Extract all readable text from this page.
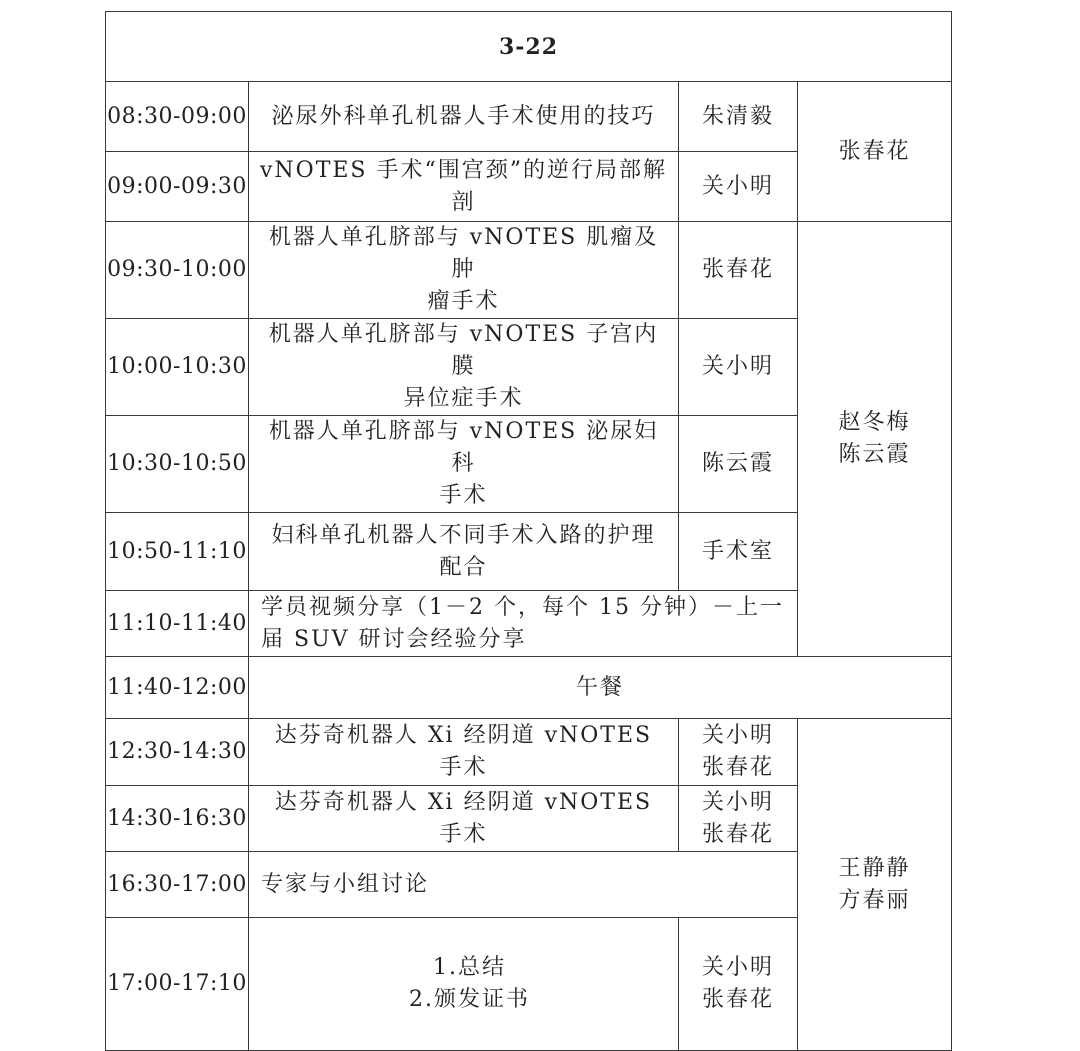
3-22			
08:30-09:00	泌尿外科单孔机器人手术使用的技巧	朱清毅	张春花

09:00-09:30	vNOTES 手术“围宫颈”的逆行局部解
剖	关小明	

09:30-10:00	机器人单孔脐部与 vNOTES 肌瘤及肿
瘤手术	张春花	赵冬梅
陈云霞

10:00-10:30	机器人单孔脐部与 vNOTES 子宫内膜
异位症手术	关小明	

10:30-10:50	机器人单孔脐部与 vNOTES 泌尿妇科
手术	陈云霞	

10:50-11:10	妇科单孔机器人不同手术入路的护理
配合	手术室	

11:10-11:40	学员视频分享（1－2 个，每个 15 分钟）－上一
届 SUV 研讨会经验分享		

11:40-12:00	午餐		

12:30-14:30	达芬奇机器人 Xi 经阴道 vNOTES 手术	关小明
张春花	王静静
方春丽

14:30-16:30	达芬奇机器人 Xi 经阴道 vNOTES 手术	关小明
张春花	

16:30-17:00	专家与小组讨论		

17:00-17:10	1.总结
2.颁发证书	关小明
张春花	
